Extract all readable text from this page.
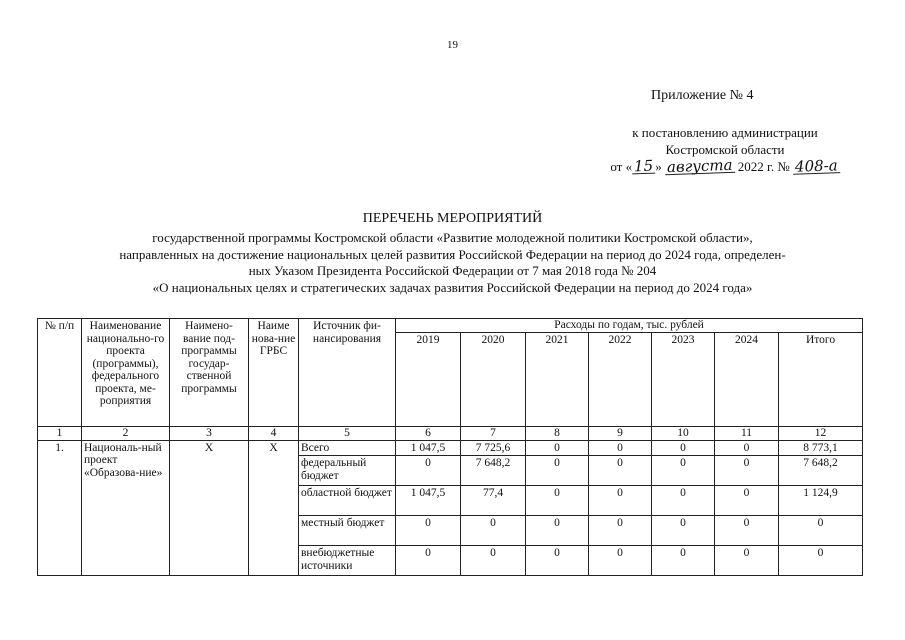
19
Приложение № 4
к постановлению администрации
Костромской области
от « 15 » августа 2022 г. № 408-а
ПЕРЕЧЕНЬ МЕРОПРИЯТИЙ
государственной программы Костромской области «Развитие молодежной политики Костромской области»,
направленных на достижение национальных целей развития Российской Федерации на период до 2024 года, определен-
ных Указом Президента Российской Федерации от 7 мая 2018 года № 204
«О национальных целях и стратегических задачах развития Российской Федерации на период до 2024 года»
№ п/п	Наименование национально-го проекта (программы), федерального проекта, ме-роприятия	Наимено-вание под-программы государ-ственной программы	Наиме нова-ние ГРБС	Источник фи-нансирования	Расходы по годам, тыс. рублей						
					2019	2020	2021	2022	2023	2024	Итого
1	2	3	4	5	6	7	8	9	10	11	12
1.	Националь-ный проект «Образова-ние»	Х	Х	Всего	1 047,5	7 725,6	0	0	0	0	8 773,1
				федеральный бюджет	0	7 648,2	0	0	0	0	7 648,2
				областной бюджет	1 047,5	77,4	0	0	0	0	1 124,9
				местный бюджет	0	0	0	0	0	0	0
				внебюджетные источники	0	0	0	0	0	0	0
